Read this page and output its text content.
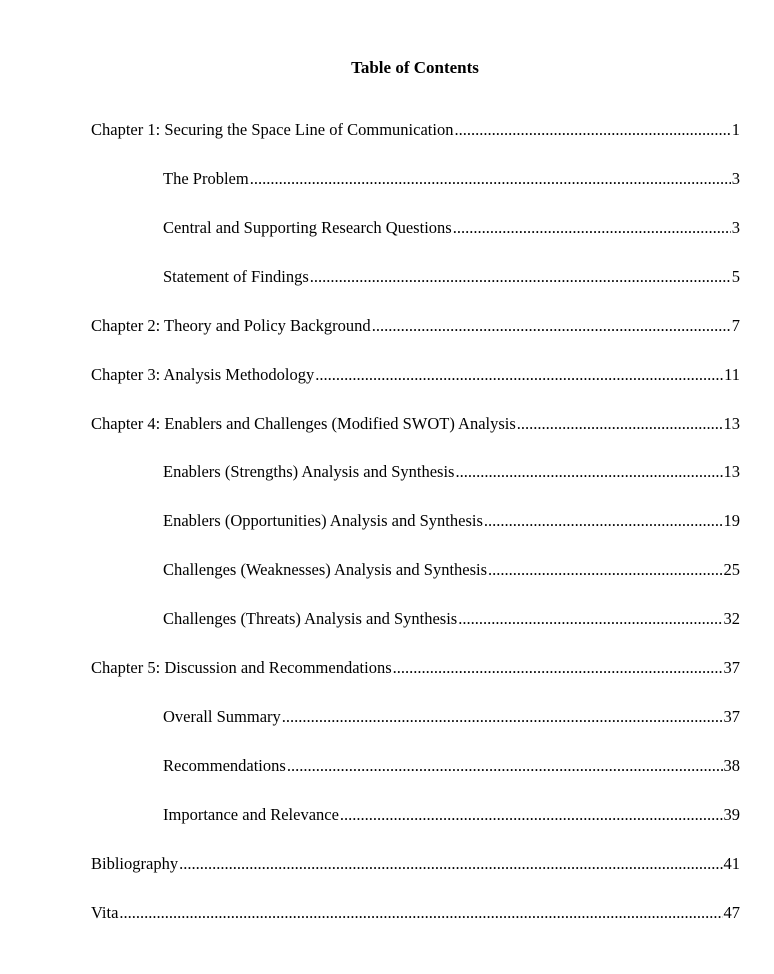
Table of Contents
Chapter 1: Securing the Space Line of Communication .....	1
The Problem .....	3
Central and Supporting Research Questions .....	3
Statement of Findings .....	5
Chapter 2: Theory and Policy Background .....	7
Chapter 3: Analysis Methodology .....	11
Chapter 4: Enablers and Challenges (Modified SWOT) Analysis .....	13
Enablers (Strengths) Analysis and Synthesis .....	13
Enablers (Opportunities) Analysis and Synthesis .....	19
Challenges (Weaknesses) Analysis and Synthesis .....	25
Challenges (Threats) Analysis and Synthesis .....	32
Chapter 5: Discussion and Recommendations .....	37
Overall Summary .....	37
Recommendations .....	38
Importance and Relevance .....	39
Bibliography .....	41
Vita .....	47
